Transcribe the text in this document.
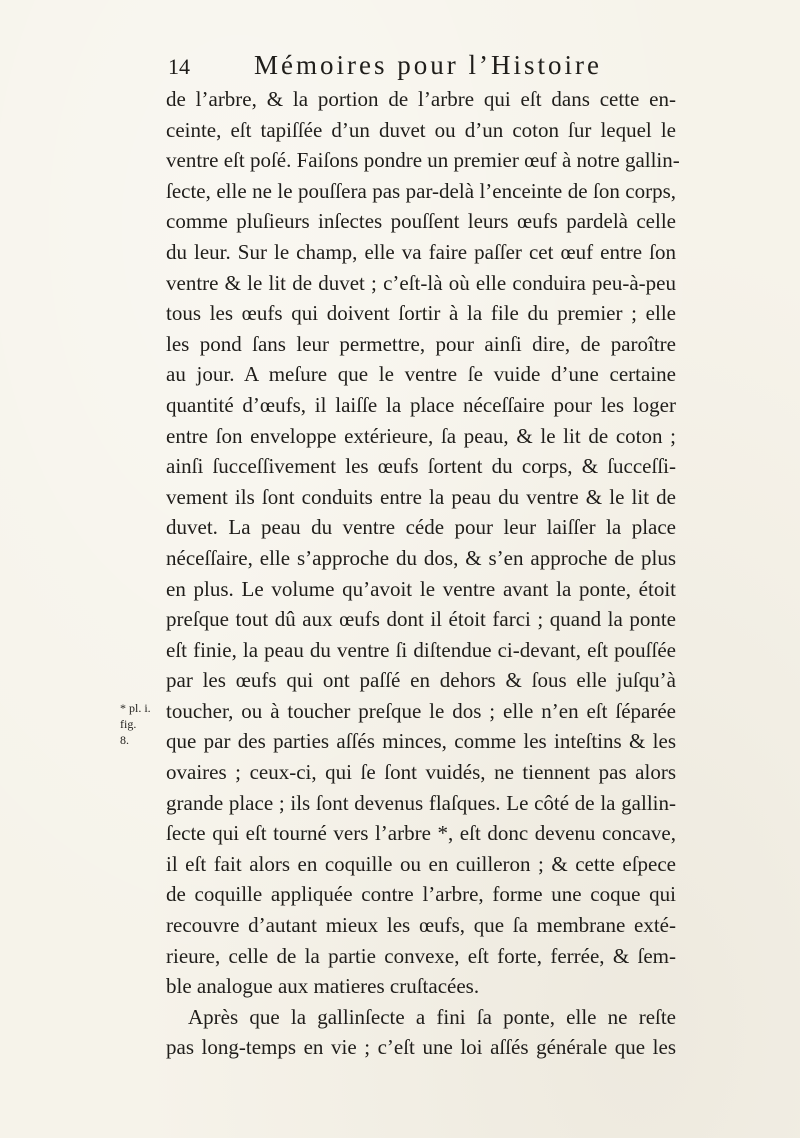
14	Mémoires pour l’Histoire
* pl. i. fig.
8.
de l’arbre, & la portion de l’arbre qui eſt dans cette en-
ceinte, eſt tapiſſée d’un duvet ou d’un coton ſur lequel le
ventre eſt poſé. Faiſons pondre un premier œuf à notre gallin-
ſecte, elle ne le pouſſera pas par-delà l’enceinte de ſon corps,
comme pluſieurs inſectes pouſſent leurs œufs pardelà celle
du leur. Sur le champ, elle va faire paſſer cet œuf entre ſon
ventre & le lit de duvet ; c’eſt-là où elle conduira peu-à-peu
tous les œufs qui doivent ſortir à la file du premier ; elle
les pond ſans leur permettre, pour ainſi dire, de paroître
au jour. A meſure que le ventre ſe vuide d’une certaine
quantité d’œufs, il laiſſe la place néceſſaire pour les loger
entre ſon enveloppe extérieure, ſa peau, & le lit de coton ;
ainſi ſucceſſivement les œufs ſortent du corps, & ſucceſſi-
vement ils ſont conduits entre la peau du ventre & le lit de
duvet. La peau du ventre céde pour leur laiſſer la place
néceſſaire, elle s’approche du dos, & s’en approche de plus
en plus. Le volume qu’avoit le ventre avant la ponte, étoit
preſque tout dû aux œufs dont il étoit farci ; quand la ponte
eſt finie, la peau du ventre ſi diſtendue ci-devant, eſt pouſſée
par les œufs qui ont paſſé en dehors & ſous elle juſqu’à
toucher, ou à toucher preſque le dos ; elle n’en eſt ſéparée
que par des parties aſſés minces, comme les inteſtins & les
ovaires ; ceux-ci, qui ſe ſont vuidés, ne tiennent pas alors
grande place ; ils ſont devenus flaſques. Le côté de la gallin-
ſecte qui eſt tourné vers l’arbre *, eſt donc devenu concave,
il eſt fait alors en coquille ou en cuilleron ; & cette eſpece
de coquille appliquée contre l’arbre, forme une coque qui
recouvre d’autant mieux les œufs, que ſa membrane exté-
rieure, celle de la partie convexe, eſt forte, ferrée, & ſem-
ble analogue aux matieres cruſtacées.
Après que la gallinſecte a fini ſa ponte, elle ne reſte
pas long-temps en vie ; c’eſt une loi aſſés générale que les
